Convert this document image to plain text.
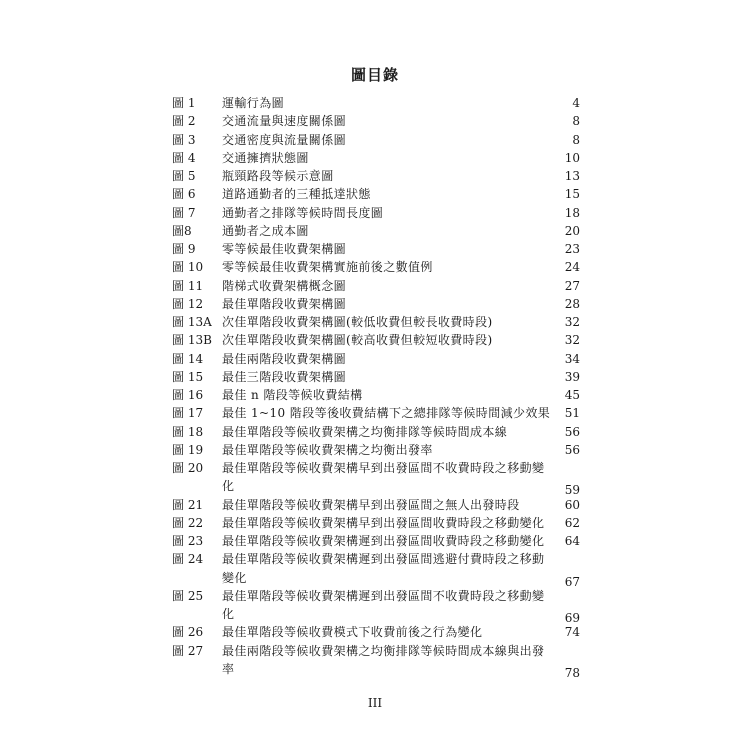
圖目錄
圖 1 運輸行為圖	4
圖 2 交通流量與速度關係圖	8
圖 3 交通密度與流量關係圖	8
圖 4 交通擁擠狀態圖	10
圖 5 瓶頸路段等候示意圖	13
圖 6 道路通勤者的三種抵達狀態	15
圖 7 通勤者之排隊等候時間長度圖	18
圖8	通勤者之成本圖	20
圖 9 零等候最佳收費架構圖	23
圖 10 零等候最佳收費架構實施前後之數值例	24
圖 11 階梯式收費架構概念圖	27
圖 12 最佳單階段收費架構圖	28
圖 13A 次佳單階段收費架構圖(較低收費但較長收費時段)	32
圖 13B 次佳單階段收費架構圖(較高收費但較短收費時段)	32
圖 14 最佳兩階段收費架構圖	34
圖 15 最佳三階段收費架構圖	39
圖 16 最佳 n 階段等候收費結構	45
圖 17 最佳 1~10 階段等後收費結構下之總排隊等候時間減少效果 51
圖 18 最佳單階段等候收費架構之均衡排隊等候時間成本線	56
圖 19 最佳單階段等候收費架構之均衡出發率	56
圖 20 最佳單階段等候收費架構早到出發區間不收費時段之移動變
化	59
圖 21 最佳單階段等候收費架構早到出發區間之無人出發時段	60
圖 22 最佳單階段等候收費架構早到出發區間收費時段之移動變化 62
圖 23 最佳單階段等候收費架構遲到出發區間收費時段之移動變化 64
圖 24 最佳單階段等候收費架構遲到出發區間逃避付費時段之移動
變化	67
圖 25 最佳單階段等候收費架構遲到出發區間不收費時段之移動變
化	69
圖 26 最佳單階段等候收費模式下收費前後之行為變化	74
圖 27 最佳兩階段等候收費架構之均衡排隊等候時間成本線與出發
率	78
III
